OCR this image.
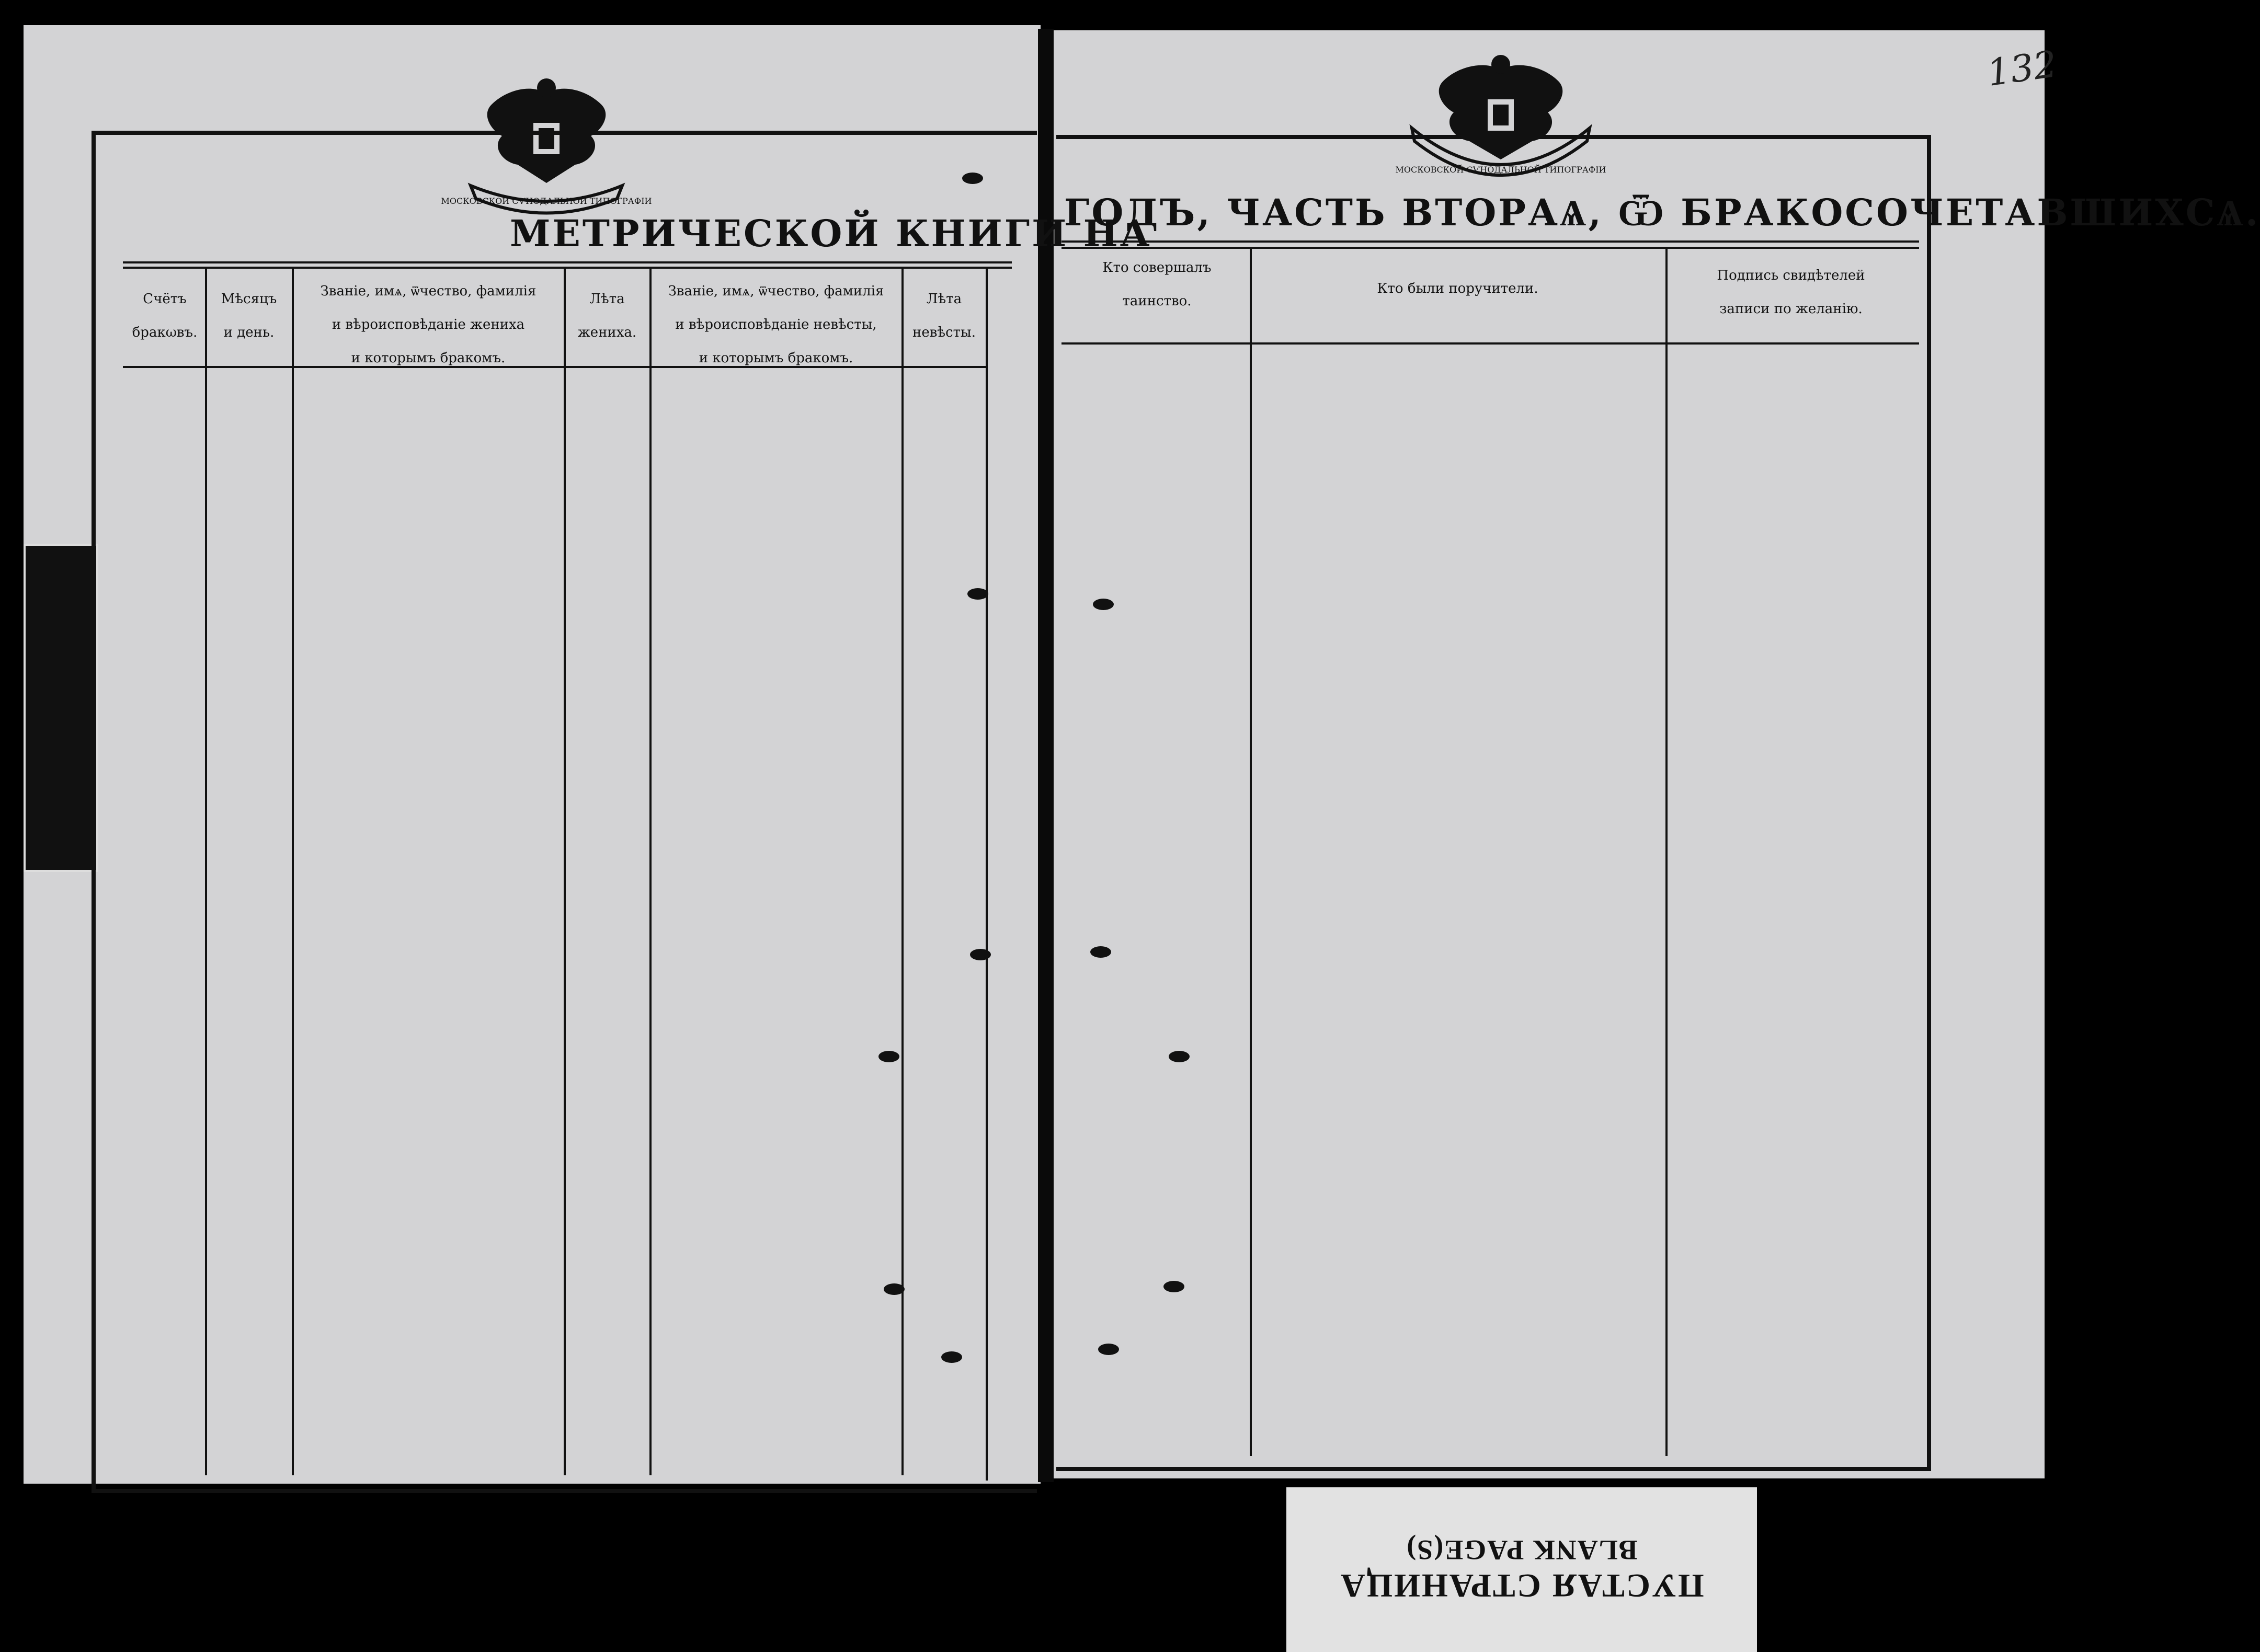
МОСКОВСКОЙ СѴНОДАЛЬНОЙ ТИПОГРАФІИ
МОСКОВСКОЙ СѴНОДАЛЬНОЙ ТИПОГРАФІИ
МЕТРИЧЕСКОЙ КНИГИ НА
ГОДЪ, ЧАСТЬ ВТОРАѦ, Ѿ БРАКОСОЧЕТАВШИХСѦ.
Счётъ
бракωвъ.
Мѣсяцъ
и день.
Званіе, имѧ, ѿчество, фамилія
и вѣроисповѣданіе жениха
и которымъ бракомъ.
Лѣта
жениха.
Званіе, имѧ, ѿчество, фамилія
и вѣроисповѣданіе невѣсты,
и которымъ бракомъ.
Лѣта
невѣсты.
Кто совершалъ
таинство.
Кто были поручители.
Подпись свидѣтелей
записи по желанію.
132
ПУСТАЯ СТРАНИЦА
BLANK PAGE(S)
